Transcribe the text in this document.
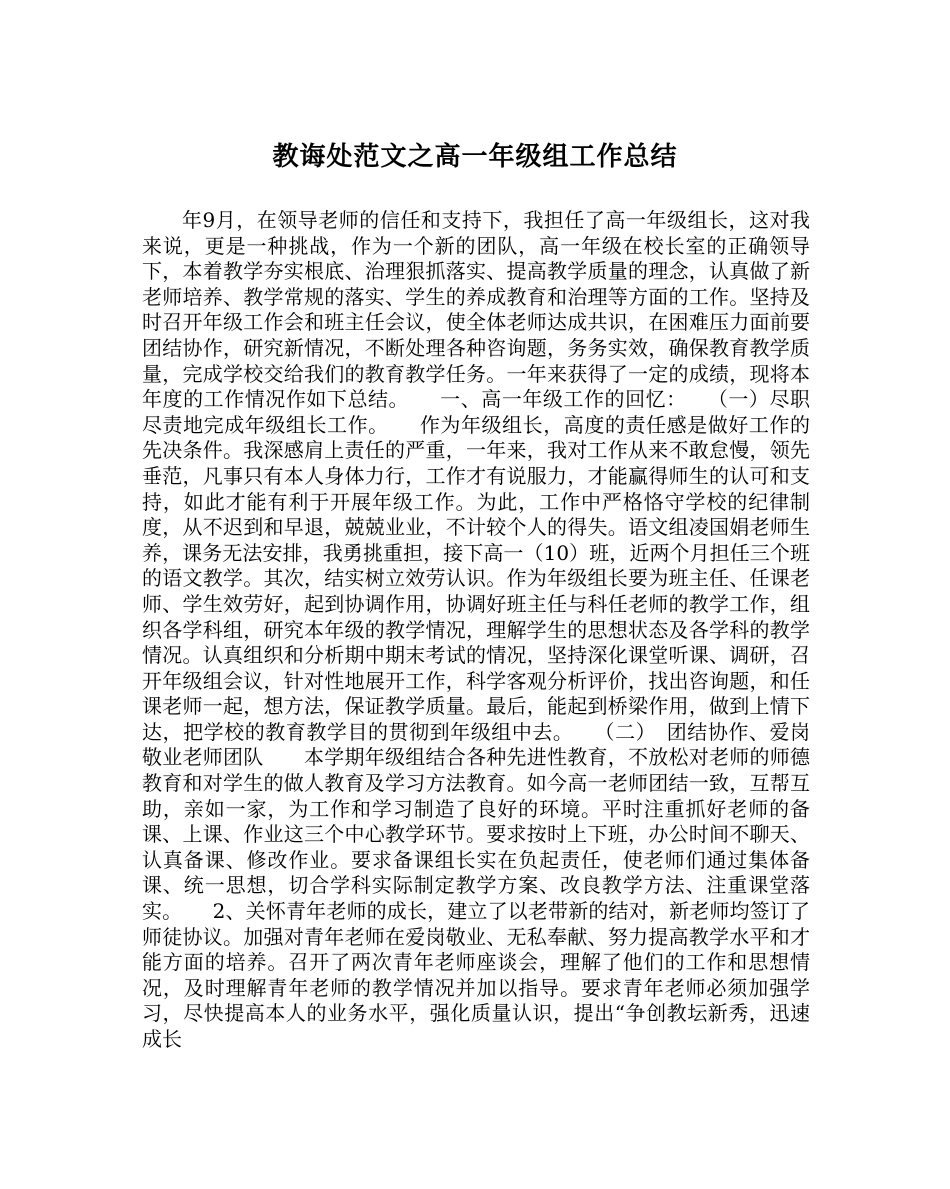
教诲处范文之高一年级组工作总结

年9月，在领导老师的信任和支持下，我担任了高一年级组长，这对我来说，更是一种挑战，作为一个新的团队，高一年级在校长室的正确领导下，本着教学夯实根底、治理狠抓落实、提高教学质量的理念，认真做了新老师培养、教学常规的落实、学生的养成教育和治理等方面的工作。坚持及时召开年级工作会和班主任会议，使全体老师达成共识，在困难压力面前要团结协作，研究新情况，不断处理各种咨询题，务务实效，确保教育教学质量，完成学校交给我们的教育教学任务。一年来获得了一定的成绩，现将本年度的工作情况作如下总结。　　一、高一年级工作的回忆：　　（一）尽职尽责地完成年级组长工作。　　作为年级组长，高度的责任感是做好工作的先决条件。我深感肩上责任的严重，一年来，我对工作从来不敢怠慢，领先垂范，凡事只有本人身体力行，工作才有说服力，才能赢得师生的认可和支持，如此才能有利于开展年级工作。为此，工作中严格恪守学校的纪律制度，从不迟到和早退，兢兢业业，不计较个人的得失。语文组凌国娟老师生养，课务无法安排，我勇挑重担，接下高一（10）班，近两个月担任三个班的语文教学。其次，结实树立效劳认识。作为年级组长要为班主任、任课老师、学生效劳好，起到协调作用，协调好班主任与科任老师的教学工作，组织各学科组，研究本年级的教学情况，理解学生的思想状态及各学科的教学情况。认真组织和分析期中期末考试的情况，坚持深化课堂听课、调研，召开年级组会议，针对性地展开工作，科学客观分析评价，找出咨询题，和任课老师一起，想方法，保证教学质量。最后，能起到桥梁作用，做到上情下达，把学校的教育教学目的贯彻到年级组中去。　　（二）　团结协作、爱岗敬业老师团队　　本学期年级组结合各种先进性教育，不放松对老师的师德教育和对学生的做人教育及学习方法教育。如今高一老师团结一致，互帮互助，亲如一家，为工作和学习制造了良好的环境。平时注重抓好老师的备课、上课、作业这三个中心教学环节。要求按时上下班，办公时间不聊天、认真备课、修改作业。要求备课组长实在负起责任，使老师们通过集体备课、统一思想，切合学科实际制定教学方案、改良教学方法、注重课堂落实。　　2、关怀青年老师的成长，建立了以老带新的结对，新老师均签订了师徒协议。加强对青年老师在爱岗敬业、无私奉献、努力提高教学水平和才能方面的培养。召开了两次青年老师座谈会，理解了他们的工作和思想情况，及时理解青年老师的教学情况并加以指导。要求青年老师必须加强学习，尽快提高本人的业务水平，强化质量认识，提出“争创教坛新秀，迅速成长
